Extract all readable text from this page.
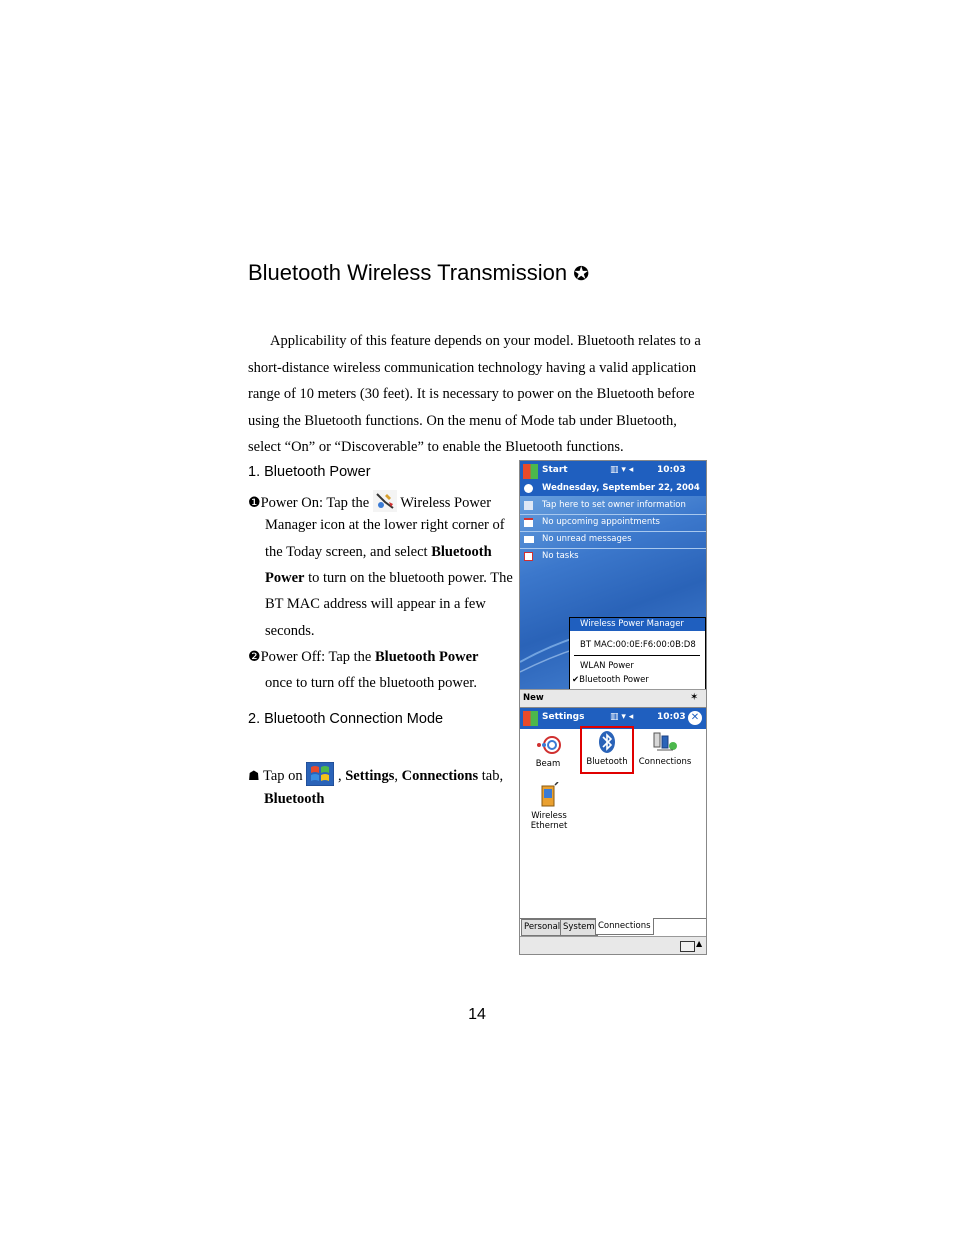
Bluetooth Wireless Transmission ✪
Applicability of this feature depends on your model. Bluetooth relates to a
short-distance wireless communication technology having a valid application
range of 10 meters (30 feet). It is necessary to power on the Bluetooth before
using the Bluetooth functions. On the menu of Mode tab under Bluetooth,
select “On” or “Discoverable” to enable the Bluetooth functions.
1. Bluetooth Power
❶Power On: Tap the Wireless Power
Manager icon at the lower right corner of
the Today screen, and select Bluetooth
Power to turn on the bluetooth power. The
BT MAC address will appear in a few
seconds.
❷Power Off: Tap the Bluetooth Power
once to turn off the bluetooth power.
2. Bluetooth Connection Mode
☗ Tap on , Settings, Connections tab,
Bluetooth
Start	▥ ▾ ◂	10:03
Wednesday, September 22, 2004
Tap here to set owner information
No upcoming appointments
No unread messages
No tasks
Wireless Power Manager
BT MAC:00:0E:F6:00:0B:D8
WLAN Power
✔Bluetooth Power
New	✶
Settings	▥ ▾ ◂	10:03 ✕
Beam	Bluetooth	Connections
Wireless
Ethernet
Personal System Connections
▲
14
